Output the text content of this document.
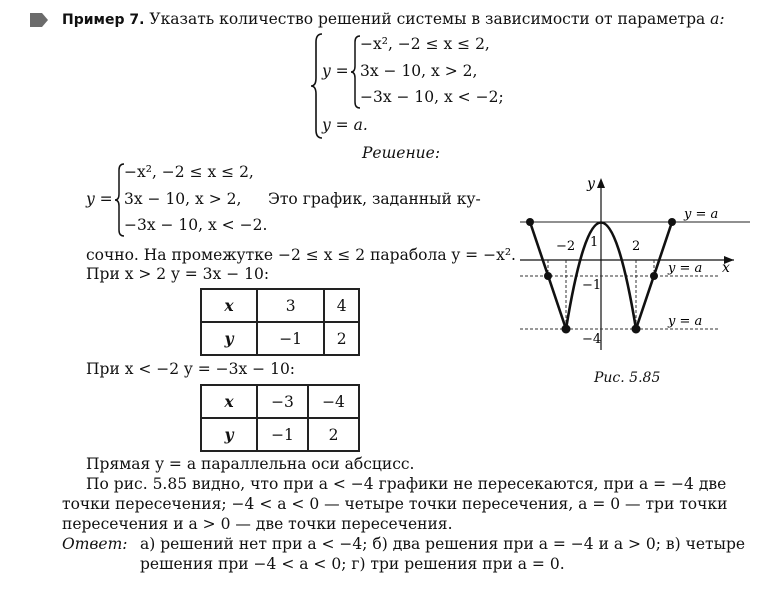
Пример 7. Указать количество решений системы в зависимости от параметра a:
y =
−x², −2 ≤ x ≤ 2,
3x − 10, x > 2,
−3x − 10, x < −2;
y = a.
Решение:
y =
−x², −2 ≤ x ≤ 2,
3x − 10, x > 2,
−3x − 10, x < −2.
Это график, заданный ку-
сочно. На промежутке −2 ≤ x ≤ 2 парабола y = −x².
При x > 2 y = 3x − 10:
x	3	4
y	−1	2
При x < −2 y = −3x − 10:
x	−3	−4
y	−1	2
Прямая y = a параллельна оси абсцисс.
По рис. 5.85 видно, что при a < −4 графики не пересекаются, при a = −4 две
точки пересечения; −4 < a < 0 — четыре точки пересечения, a = 0 — три точки
пересечения и a > 0 — две точки пересечения.
Ответ: а) решений нет при a < −4; б) два решения при a = −4 и a > 0; в) четыре
решения при −4 < a < 0; г) три решения при a = 0.
y
x
−2	2
1
−1
−4
y = a
y = a
y = a
Рис. 5.85
